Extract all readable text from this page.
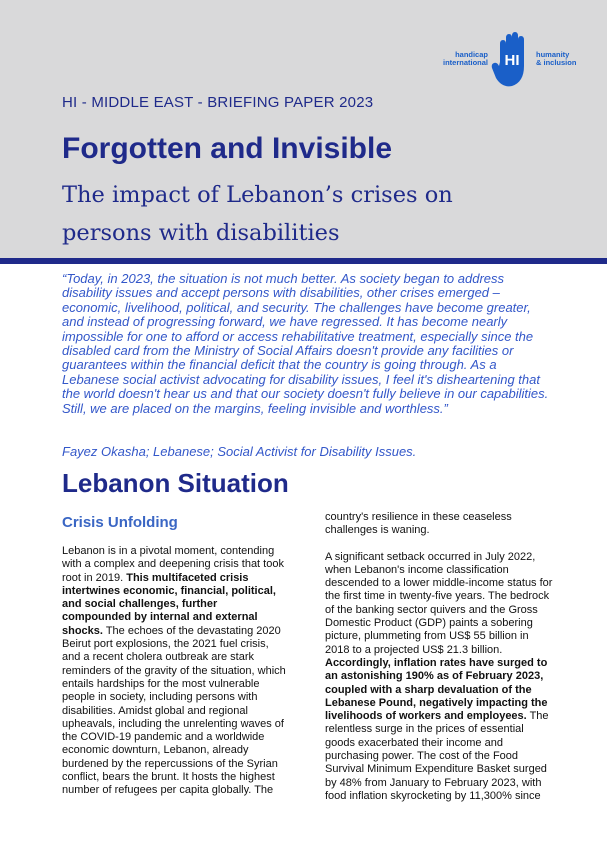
handicap
international HI humanity
& inclusion
HI - MIDDLE EAST - BRIEFING PAPER 2023
Forgotten and Invisible
The impact of Lebanon’s crises on persons with disabilities
“Today, in 2023, the situation is not much better. As society began to address disability issues and accept persons with disabilities, other crises emerged – economic, livelihood, political, and security. The challenges have become greater, and instead of progressing forward, we have regressed. It has become nearly impossible for one to afford or access rehabilitative treatment, especially since the disabled card from the Ministry of Social Affairs doesn't provide any facilities or guarantees within the financial deficit that the country is going through. As a Lebanese social activist advocating for disability issues, I feel it's disheartening that the world doesn't hear us and that our society doesn't fully believe in our capabilities. Still, we are placed on the margins, feeling invisible and worthless.”
Fayez Okasha; Lebanese; Social Activist for Disability Issues.
Lebanon Situation
Crisis Unfolding
Lebanon is in a pivotal moment, contending with a complex and deepening crisis that took root in 2019. This multifaceted crisis intertwines economic, financial, political, and social challenges, further compounded by internal and external shocks. The echoes of the devastating 2020 Beirut port explosions, the 2021 fuel crisis, and a recent cholera outbreak are stark reminders of the gravity of the situation, which entails hardships for the most vulnerable people in society, including persons with disabilities. Amidst global and regional upheavals, including the unrelenting waves of the COVID-19 pandemic and a worldwide economic downturn, Lebanon, already burdened by the repercussions of the Syrian conflict, bears the brunt. It hosts the highest number of refugees per capita globally. The

country's resilience in these ceaseless challenges is waning.

A significant setback occurred in July 2022, when Lebanon's income classification descended to a lower middle-income status for the first time in twenty-five years. The bedrock of the banking sector quivers and the Gross Domestic Product (GDP) paints a sobering picture, plummeting from US$ 55 billion in 2018 to a projected US$ 21.3 billion. Accordingly, inflation rates have surged to an astonishing 190% as of February 2023, coupled with a sharp devaluation of the Lebanese Pound, negatively impacting the livelihoods of workers and employees. The relentless surge in the prices of essential goods exacerbated their income and purchasing power. The cost of the Food Survival Minimum Expenditure Basket surged by 48% from January to February 2023, with food inflation skyrocketing by 11,300% since
